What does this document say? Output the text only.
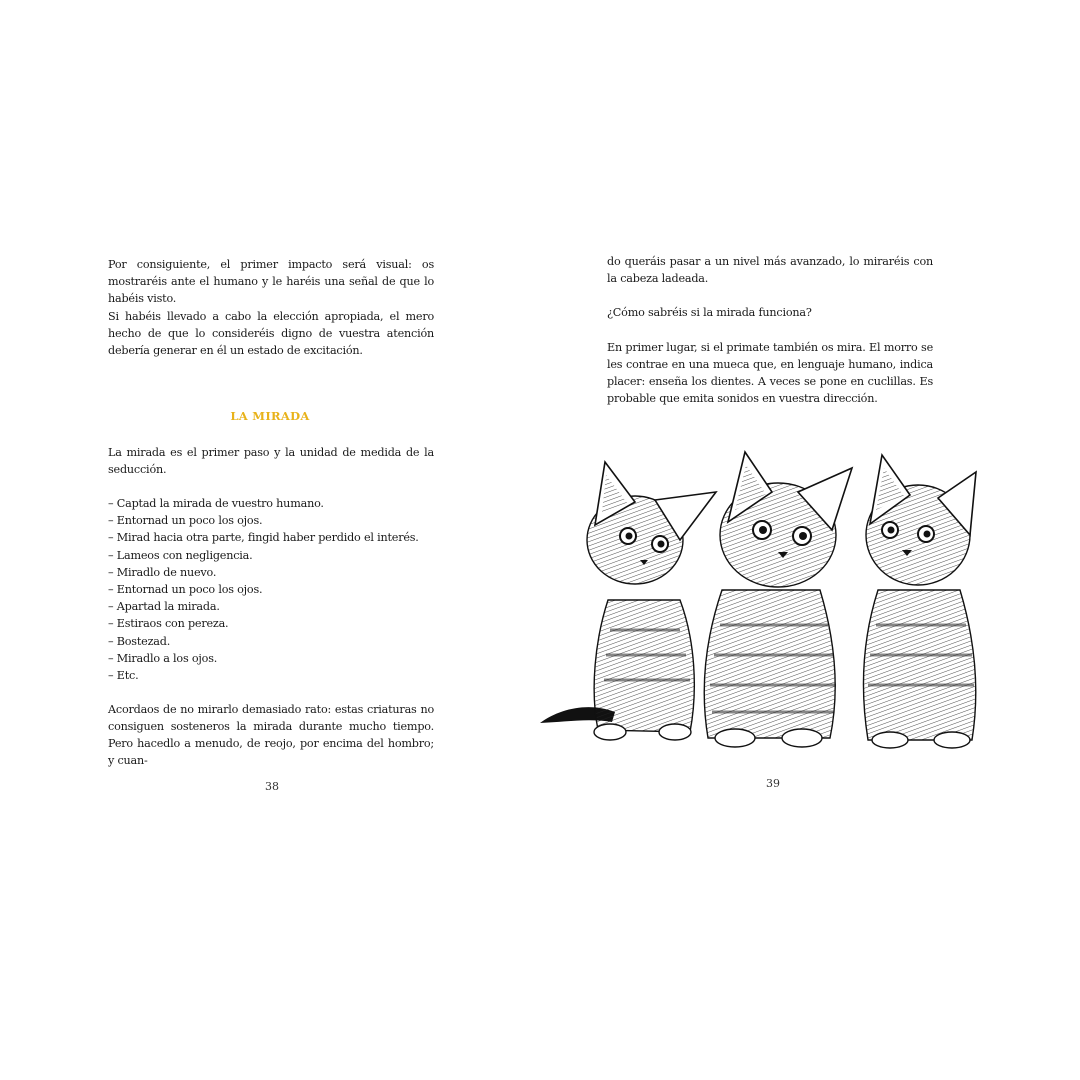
Por consiguiente, el primer impacto será visual: os mostraréis ante el humano y le haréis una señal de que lo habéis visto.

Si habéis llevado a cabo la elección apropiada, el mero hecho de que lo consideréis digno de vuestra atención debería generar en él un estado de excitación.

LA MIRADA

La mirada es el primer paso y la unidad de medida de la seducción.

– Captad la mirada de vuestro humano.
– Entornad un poco los ojos.
– Mirad hacia otra parte, fingid haber perdido el interés.
– Lameos con negligencia.
– Miradlo de nuevo.
– Entornad un poco los ojos.
– Apartad la mirada.
– Estiraos con pereza.
– Bostezad.
– Miradlo a los ojos.
– Etc.

Acordaos de no mirarlo demasiado rato: estas criaturas no consiguen sosteneros la mirada durante mucho tiempo. Pero hacedlo a menudo, de reojo, por encima del hombro; y cuan-

38

do queráis pasar a un nivel más avanzado, lo miraréis con la cabeza ladeada.

¿Cómo sabréis si la mirada funciona?

En primer lugar, si el primate también os mira. El morro se les contrae en una mueca que, en lenguaje humano, indica placer: enseña los dientes. A veces se pone en cuclillas. Es probable que emita sonidos en vuestra dirección.

39
